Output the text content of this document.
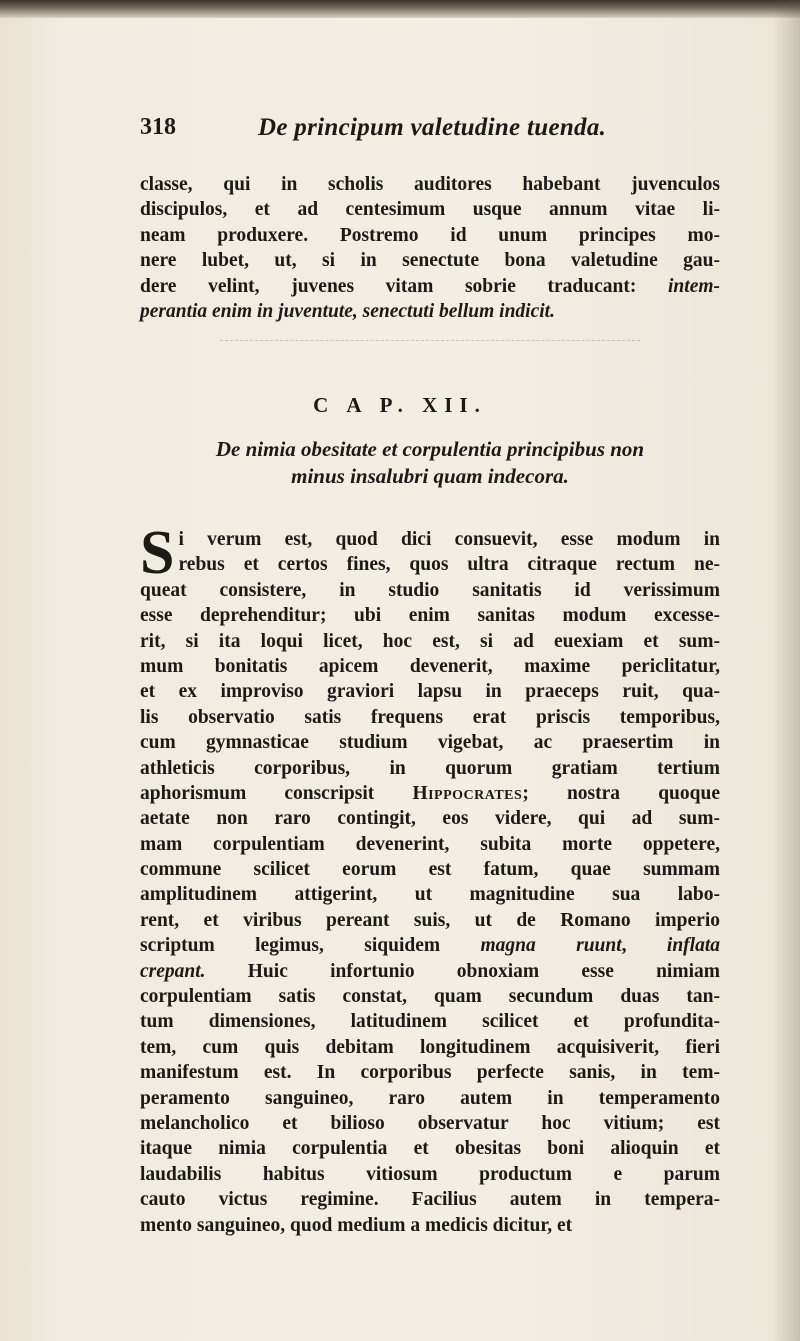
318	De principum valetudine tuenda.
classe, qui in scholis auditores habebant juvenculos
discipulos, et ad centesimum usque annum vitae li-
neam produxere. Postremo id unum principes mo-
nere lubet, ut, si in senectute bona valetudine gau-
dere velint, juvenes vitam sobrie traducant: intem-
perantia enim in juventute, senectuti bellum indicit.
C A P. XII.
De nimia obesitate et corpulentia principibus non
minus insalubri quam indecora.
S i verum est, quod dici consuevit, esse modum in
rebus et certos fines, quos ultra citraque rectum ne-
queat consistere, in studio sanitatis id verissimum
esse deprehenditur; ubi enim sanitas modum excesse-
rit, si ita loqui licet, hoc est, si ad euexiam et sum-
mum bonitatis apicem devenerit, maxime periclitatur,
et ex improviso graviori lapsu in praeceps ruit, qua-
lis observatio satis frequens erat priscis temporibus,
cum gymnasticae studium vigebat, ac praesertim in
athleticis corporibus, in quorum gratiam tertium
aphorismum conscripsit Hippocrates; nostra quoque
aetate non raro contingit, eos videre, qui ad sum-
mam corpulentiam devenerint, subita morte oppetere,
commune scilicet eorum est fatum, quae summam
amplitudinem attigerint, ut magnitudine sua labo-
rent, et viribus pereant suis, ut de Romano imperio
scriptum legimus, siquidem magna ruunt, inflata
crepant. Huic infortunio obnoxiam esse nimiam
corpulentiam satis constat, quam secundum duas tan-
tum dimensiones, latitudinem scilicet et profundita-
tem, cum quis debitam longitudinem acquisiverit, fieri
manifestum est. In corporibus perfecte sanis, in tem-
peramento sanguineo, raro autem in temperamento
melancholico et bilioso observatur hoc vitium; est
itaque nimia corpulentia et obesitas boni alioquin et
laudabilis habitus vitiosum productum e parum
cauto victus regimine. Facilius autem in tempera-
mento sanguineo, quod medium a medicis dicitur, et
